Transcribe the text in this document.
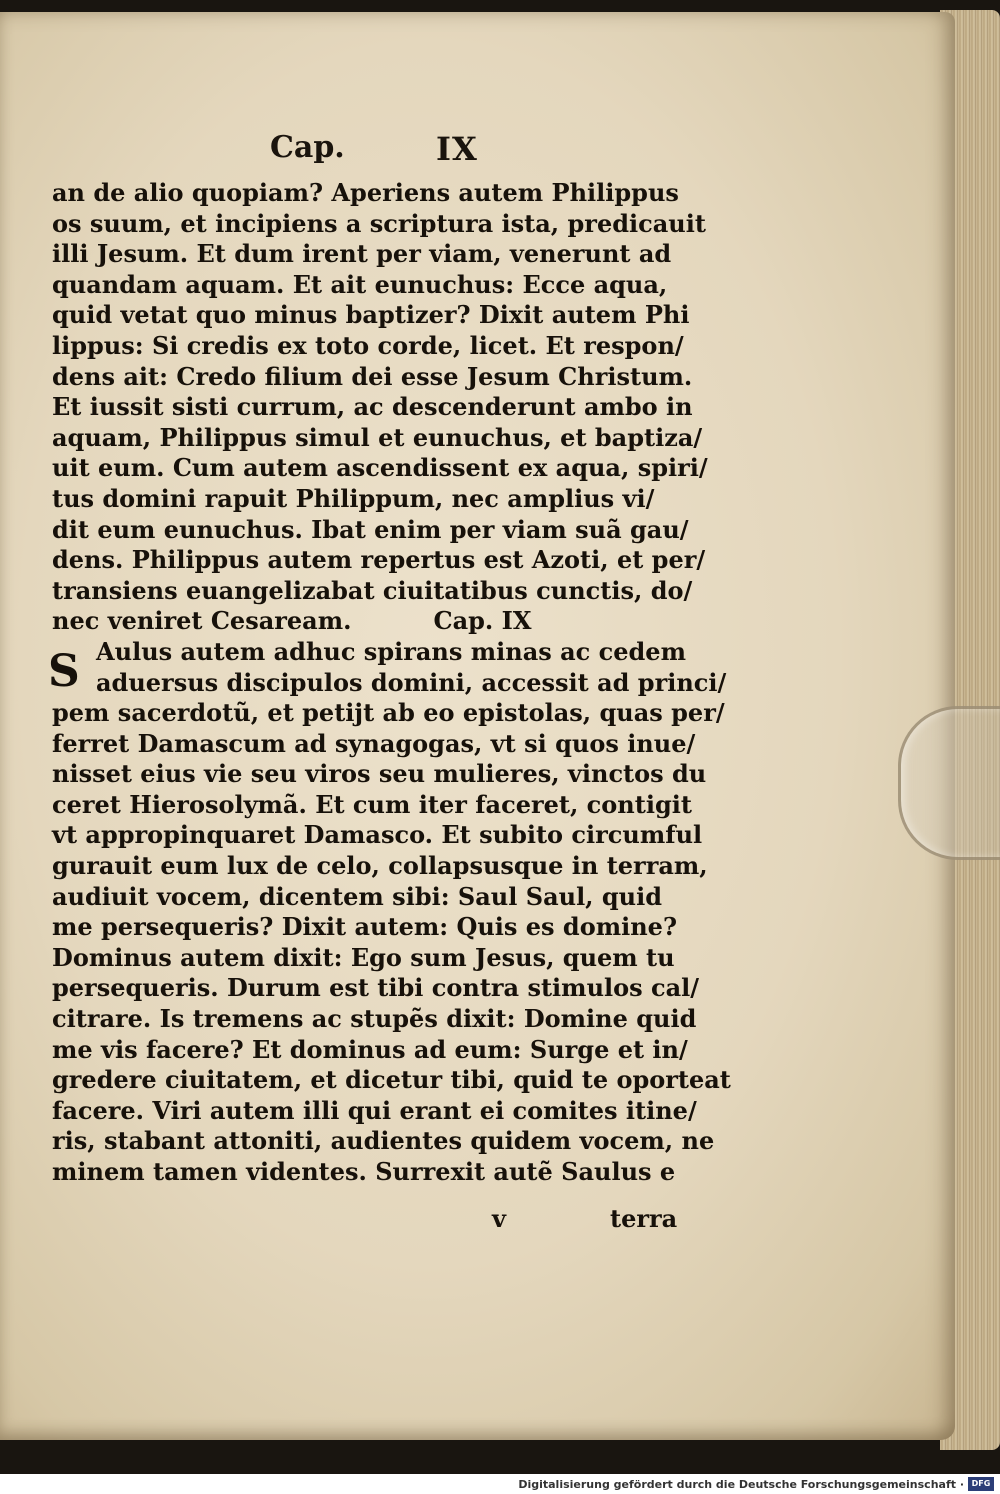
Cap.	IX
an de alio quopiam? Aperiens autem Philippus
os suum, et incipiens a scriptura ista, predicauit
illi Jesum. Et dum irent per viam, venerunt ad
quandam aquam. Et ait eunuchus: Ecce aqua,
quid vetat quo minus baptizer? Dixit autem Phi
lippus: Si credis ex toto corde, licet. Et respon/
dens ait: Credo filium dei esse Jesum Christum.
Et iussit sisti currum, ac descenderunt ambo in
aquam, Philippus simul et eunuchus, et baptiza/
uit eum. Cum autem ascendissent ex aqua, spiri/
tus domini rapuit Philippum, nec amplius vi/
dit eum eunuchus. Ibat enim per viam suã gau/
dens. Philippus autem repertus est Azoti, et per/
transiens euangelizabat ciuitatibus cunctis, do/
nec veniret Cesaream.	Cap. IX
S Aulus autem adhuc spirans minas ac cedem
aduersus discipulos domini, accessit ad princi/
pem sacerdotũ, et petijt ab eo epistolas, quas per/
ferret Damascum ad synagogas, vt si quos inue/
nisset eius vie seu viros seu mulieres, vinctos du
ceret Hierosolymã. Et cum iter faceret, contigit
vt appropinquaret Damasco. Et subito circumful
gurauit eum lux de celo, collapsusque in terram,
audiuit vocem, dicentem sibi: Saul Saul, quid
me persequeris? Dixit autem: Quis es domine?
Dominus autem dixit: Ego sum Jesus, quem tu
persequeris. Durum est tibi contra stimulos cal/
citrare. Is tremens ac stupẽs dixit: Domine quid
me vis facere? Et dominus ad eum: Surge et in/
gredere ciuitatem, et dicetur tibi, quid te oporteat
facere. Viri autem illi qui erant ei comites itine/
ris, stabant attoniti, audientes quidem vocem, ne
minem tamen videntes. Surrexit autẽ Saulus e
v	terra
Digitalisierung gefördert durch die Deutsche Forschungsgemeinschaft · DFG
